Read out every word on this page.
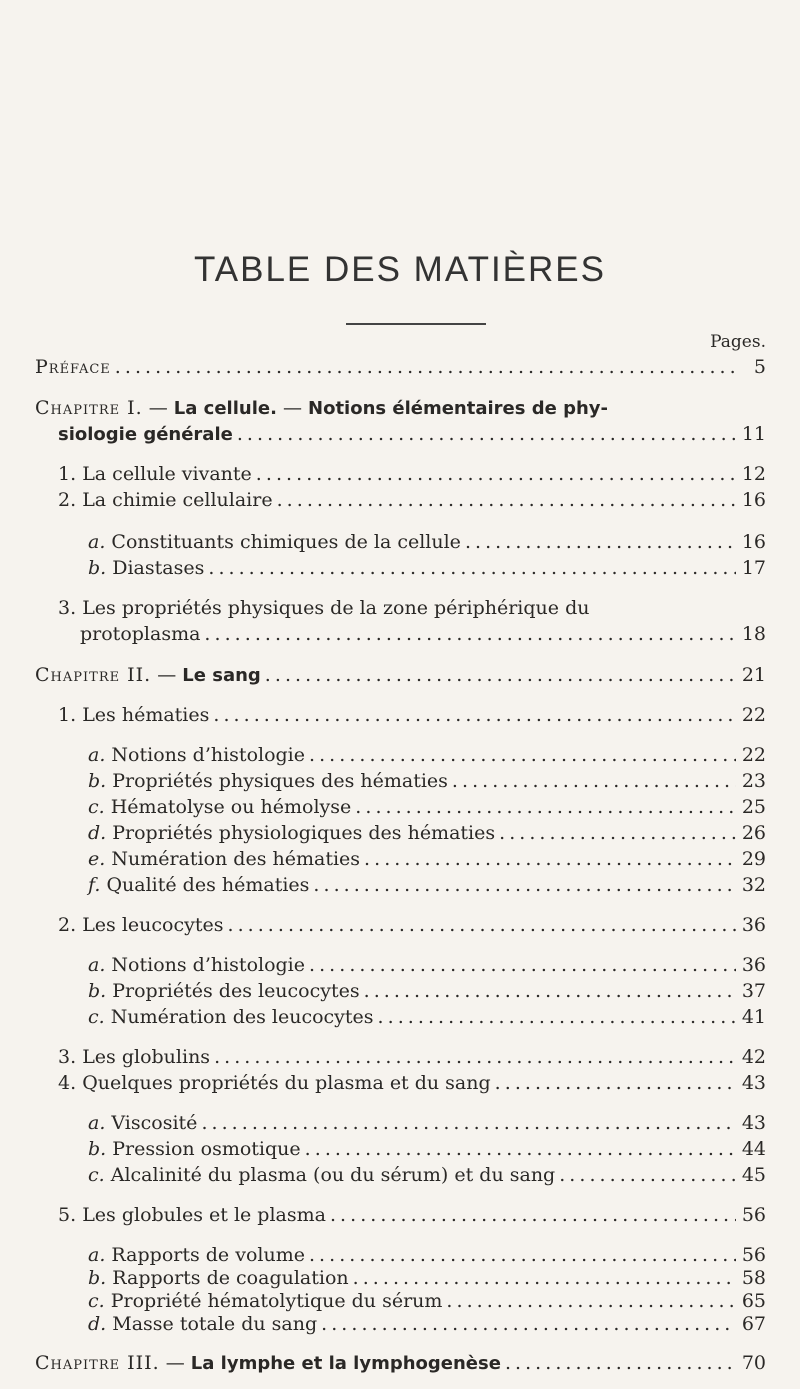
TABLE DES MATIÈRES
Pages.
Préface . . .	5
Chapitre I. — La cellule. — Notions élémentaires de phy-
siologie générale . . .	11
1. La cellule vivante . . .	12
2. La chimie cellulaire . . .	16
a. Constituants chimiques de la cellule . . .	16
b. Diastases . . .	17
3. Les propriétés physiques de la zone périphérique du
protoplasma . . .	18
Chapitre II. — Le sang . . .	21
1. Les hématies . . .	22
a. Notions d’histologie . . .	22
b. Propriétés physiques des hématies . . .	23
c. Hématolyse ou hémolyse . . .	25
d. Propriétés physiologiques des hématies . . .	26
e. Numération des hématies . . .	29
f. Qualité des hématies . . .	32
2. Les leucocytes . . .	36
a. Notions d’histologie . . .	36
b. Propriétés des leucocytes . . .	37
c. Numération des leucocytes . . .	41
3. Les globulins . . .	42
4. Quelques propriétés du plasma et du sang . . .	43
a. Viscosité . . .	43
b. Pression osmotique . . .	44
c. Alcalinité du plasma (ou du sérum) et du sang . . .	45
5. Les globules et le plasma . . .	56
a. Rapports de volume . . .	56
b. Rapports de coagulation . . .	58
c. Propriété hématolytique du sérum . . .	65
d. Masse totale du sang . . .	67
Chapitre III. — La lymphe et la lymphogenèse . . .	70
